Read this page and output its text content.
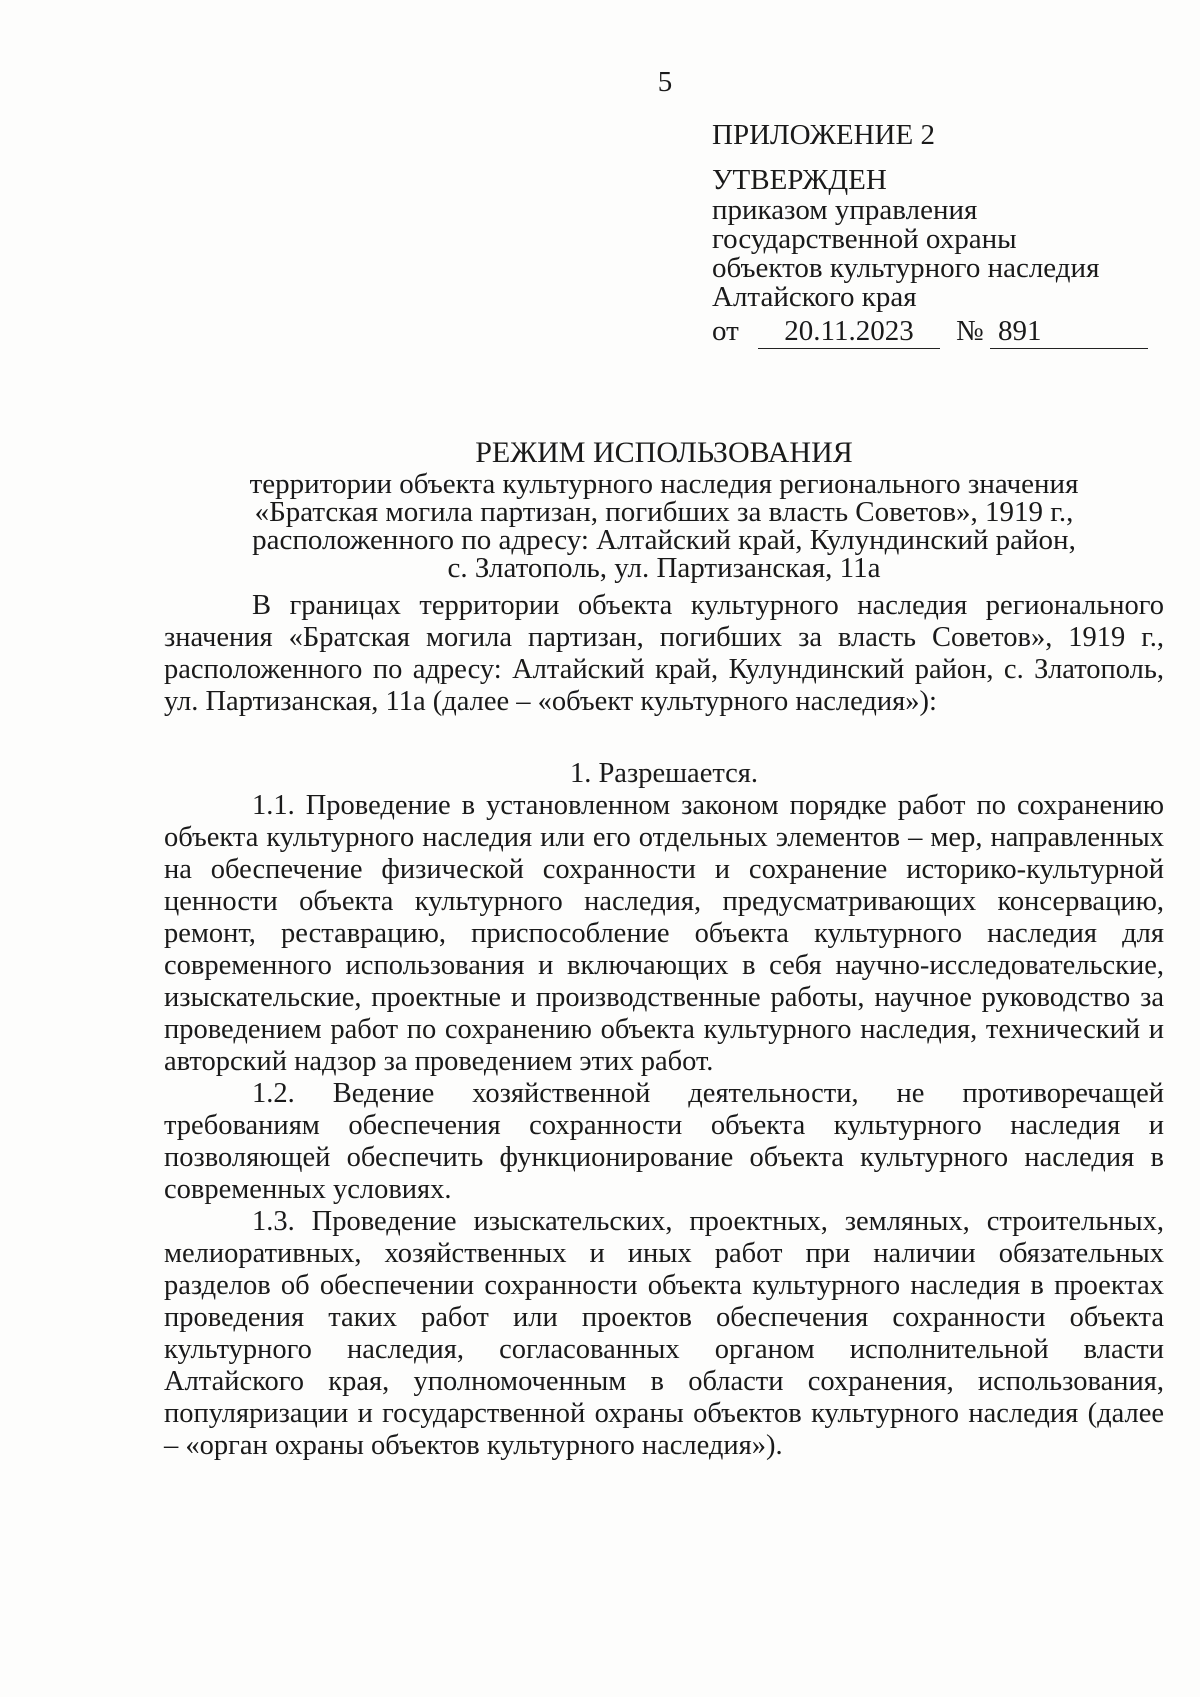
5
ПРИЛОЖЕНИЕ 2
УТВЕРЖДЕН
приказом управления
государственной охраны
объектов культурного наследия
Алтайского края
от	20.11.2023	№ 891
РЕЖИМ ИСПОЛЬЗОВАНИЯ
территории объекта культурного наследия регионального значения
«Братская могила партизан, погибших за власть Советов», 1919 г.,
расположенного по адресу: Алтайский край, Кулундинский район,
с. Златополь, ул. Партизанская, 11а

В границах территории объекта культурного наследия регионального значения «Братская могила партизан, погибших за власть Советов», 1919 г., расположенного по адресу: Алтайский край, Кулундинский район, с. Златополь, ул. Партизанская, 11а (далее – «объект культурного наследия»):

1. Разрешается.

1.1. Проведение в установленном законом порядке работ по сохранению объекта культурного наследия или его отдельных элементов – мер, направленных на обеспечение физической сохранности и сохранение историко-культурной ценности объекта культурного наследия, предусматривающих консервацию, ремонт, реставрацию, приспособление объекта культурного наследия для современного использования и включающих в себя научно-исследовательские, изыскательские, проектные и производственные работы, научное руководство за проведением работ по сохранению объекта культурного наследия, технический и авторский надзор за проведением этих работ.

1.2. Ведение хозяйственной деятельности, не противоречащей требованиям обеспечения сохранности объекта культурного наследия и позволяющей обеспечить функционирование объекта культурного наследия в современных условиях.

1.3. Проведение изыскательских, проектных, земляных, строительных, мелиоративных, хозяйственных и иных работ при наличии обязательных разделов об обеспечении сохранности объекта культурного наследия в проектах проведения таких работ или проектов обеспечения сохранности объекта культурного наследия, согласованных органом исполнительной власти Алтайского края, уполномоченным в области сохранения, использования, популяризации и государственной охраны объектов культурного наследия (далее – «орган охраны объектов культурного наследия»).
